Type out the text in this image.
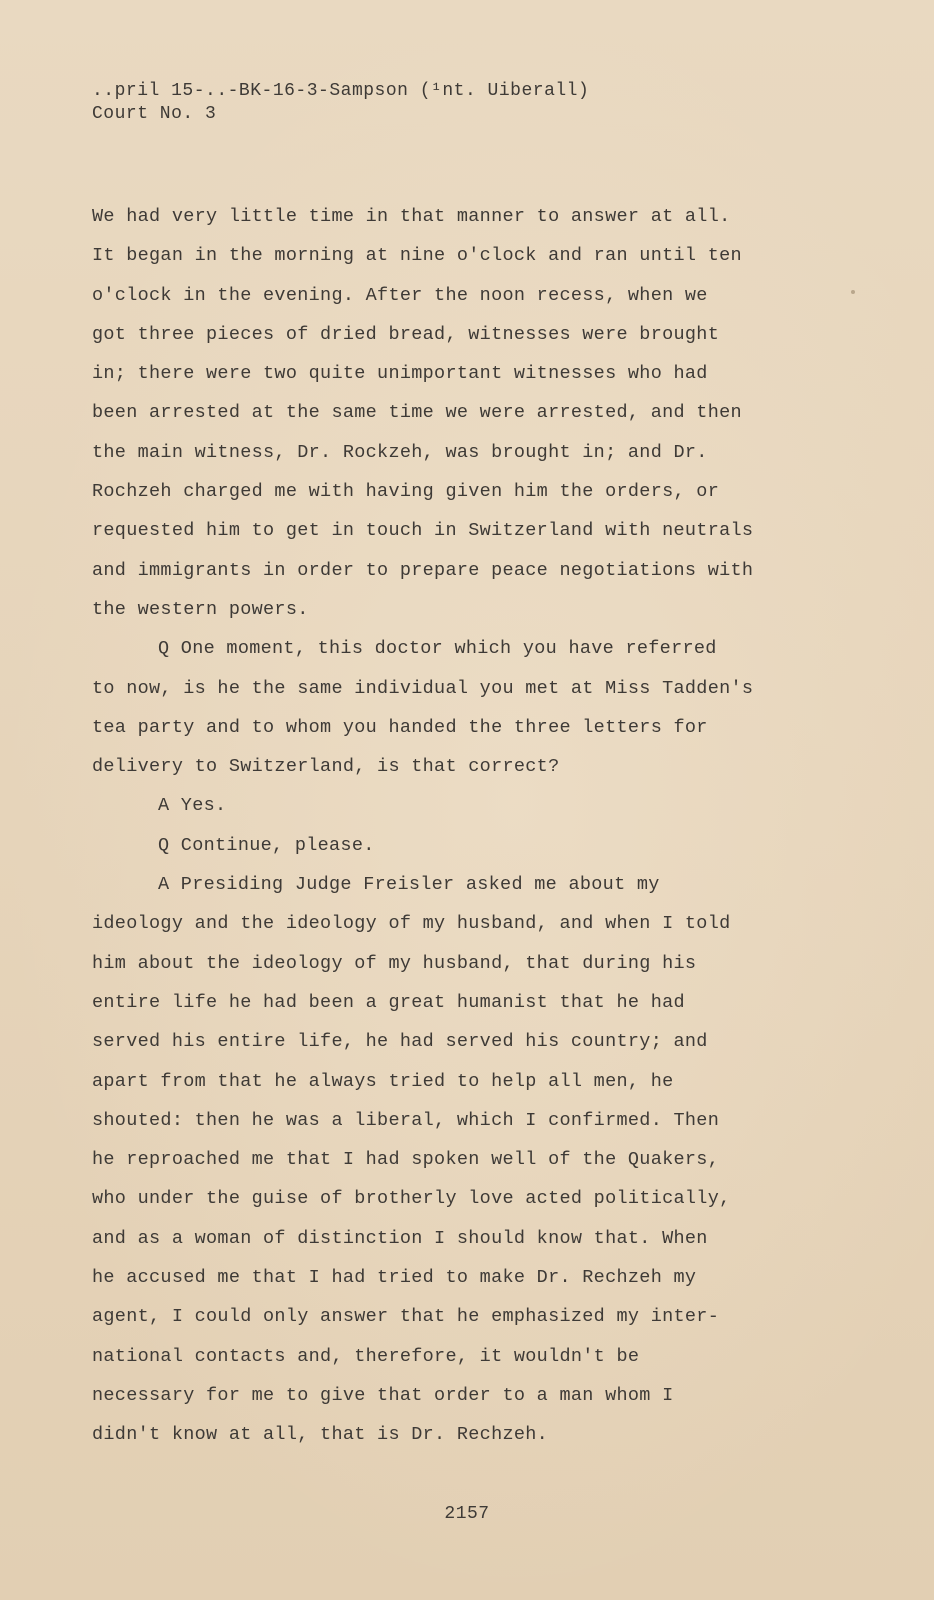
..pril 15-..-BK-16-3-Sampson (¹nt. Uiberall)
Court No. 3
We had very little time in that manner to answer at all.
It began in the morning at nine o'clock and ran until ten
o'clock in the evening. After the noon recess, when we
got three pieces of dried bread, witnesses were brought
in; there were two quite unimportant witnesses who had
been arrested at the same time we were arrested, and then
the main witness, Dr. Rockzeh, was brought in; and Dr.
Rochzeh charged me with having given him the orders, or
requested him to get in touch in Switzerland with neutrals
and immigrants in order to prepare peace negotiations with
the western powers.
Q One moment, this doctor which you have referred
to now, is he the same individual you met at Miss Tadden's
tea party and to whom you handed the three letters for
delivery to Switzerland, is that correct?
A Yes.
Q Continue, please.
A Presiding Judge Freisler asked me about my
ideology and the ideology of my husband, and when I told
him about the ideology of my husband, that during his
entire life he had been a great humanist that he had
served his entire life, he had served his country; and
apart from that he always tried to help all men, he
shouted: then he was a liberal, which I confirmed. Then
he reproached me that I had spoken well of the Quakers,
who under the guise of brotherly love acted politically,
and as a woman of distinction I should know that. When
he accused me that I had tried to make Dr. Rechzeh my
agent, I could only answer that he emphasized my inter-
national contacts and, therefore, it wouldn't be
necessary for me to give that order to a man whom I
didn't know at all, that is Dr. Rechzeh.
2157
